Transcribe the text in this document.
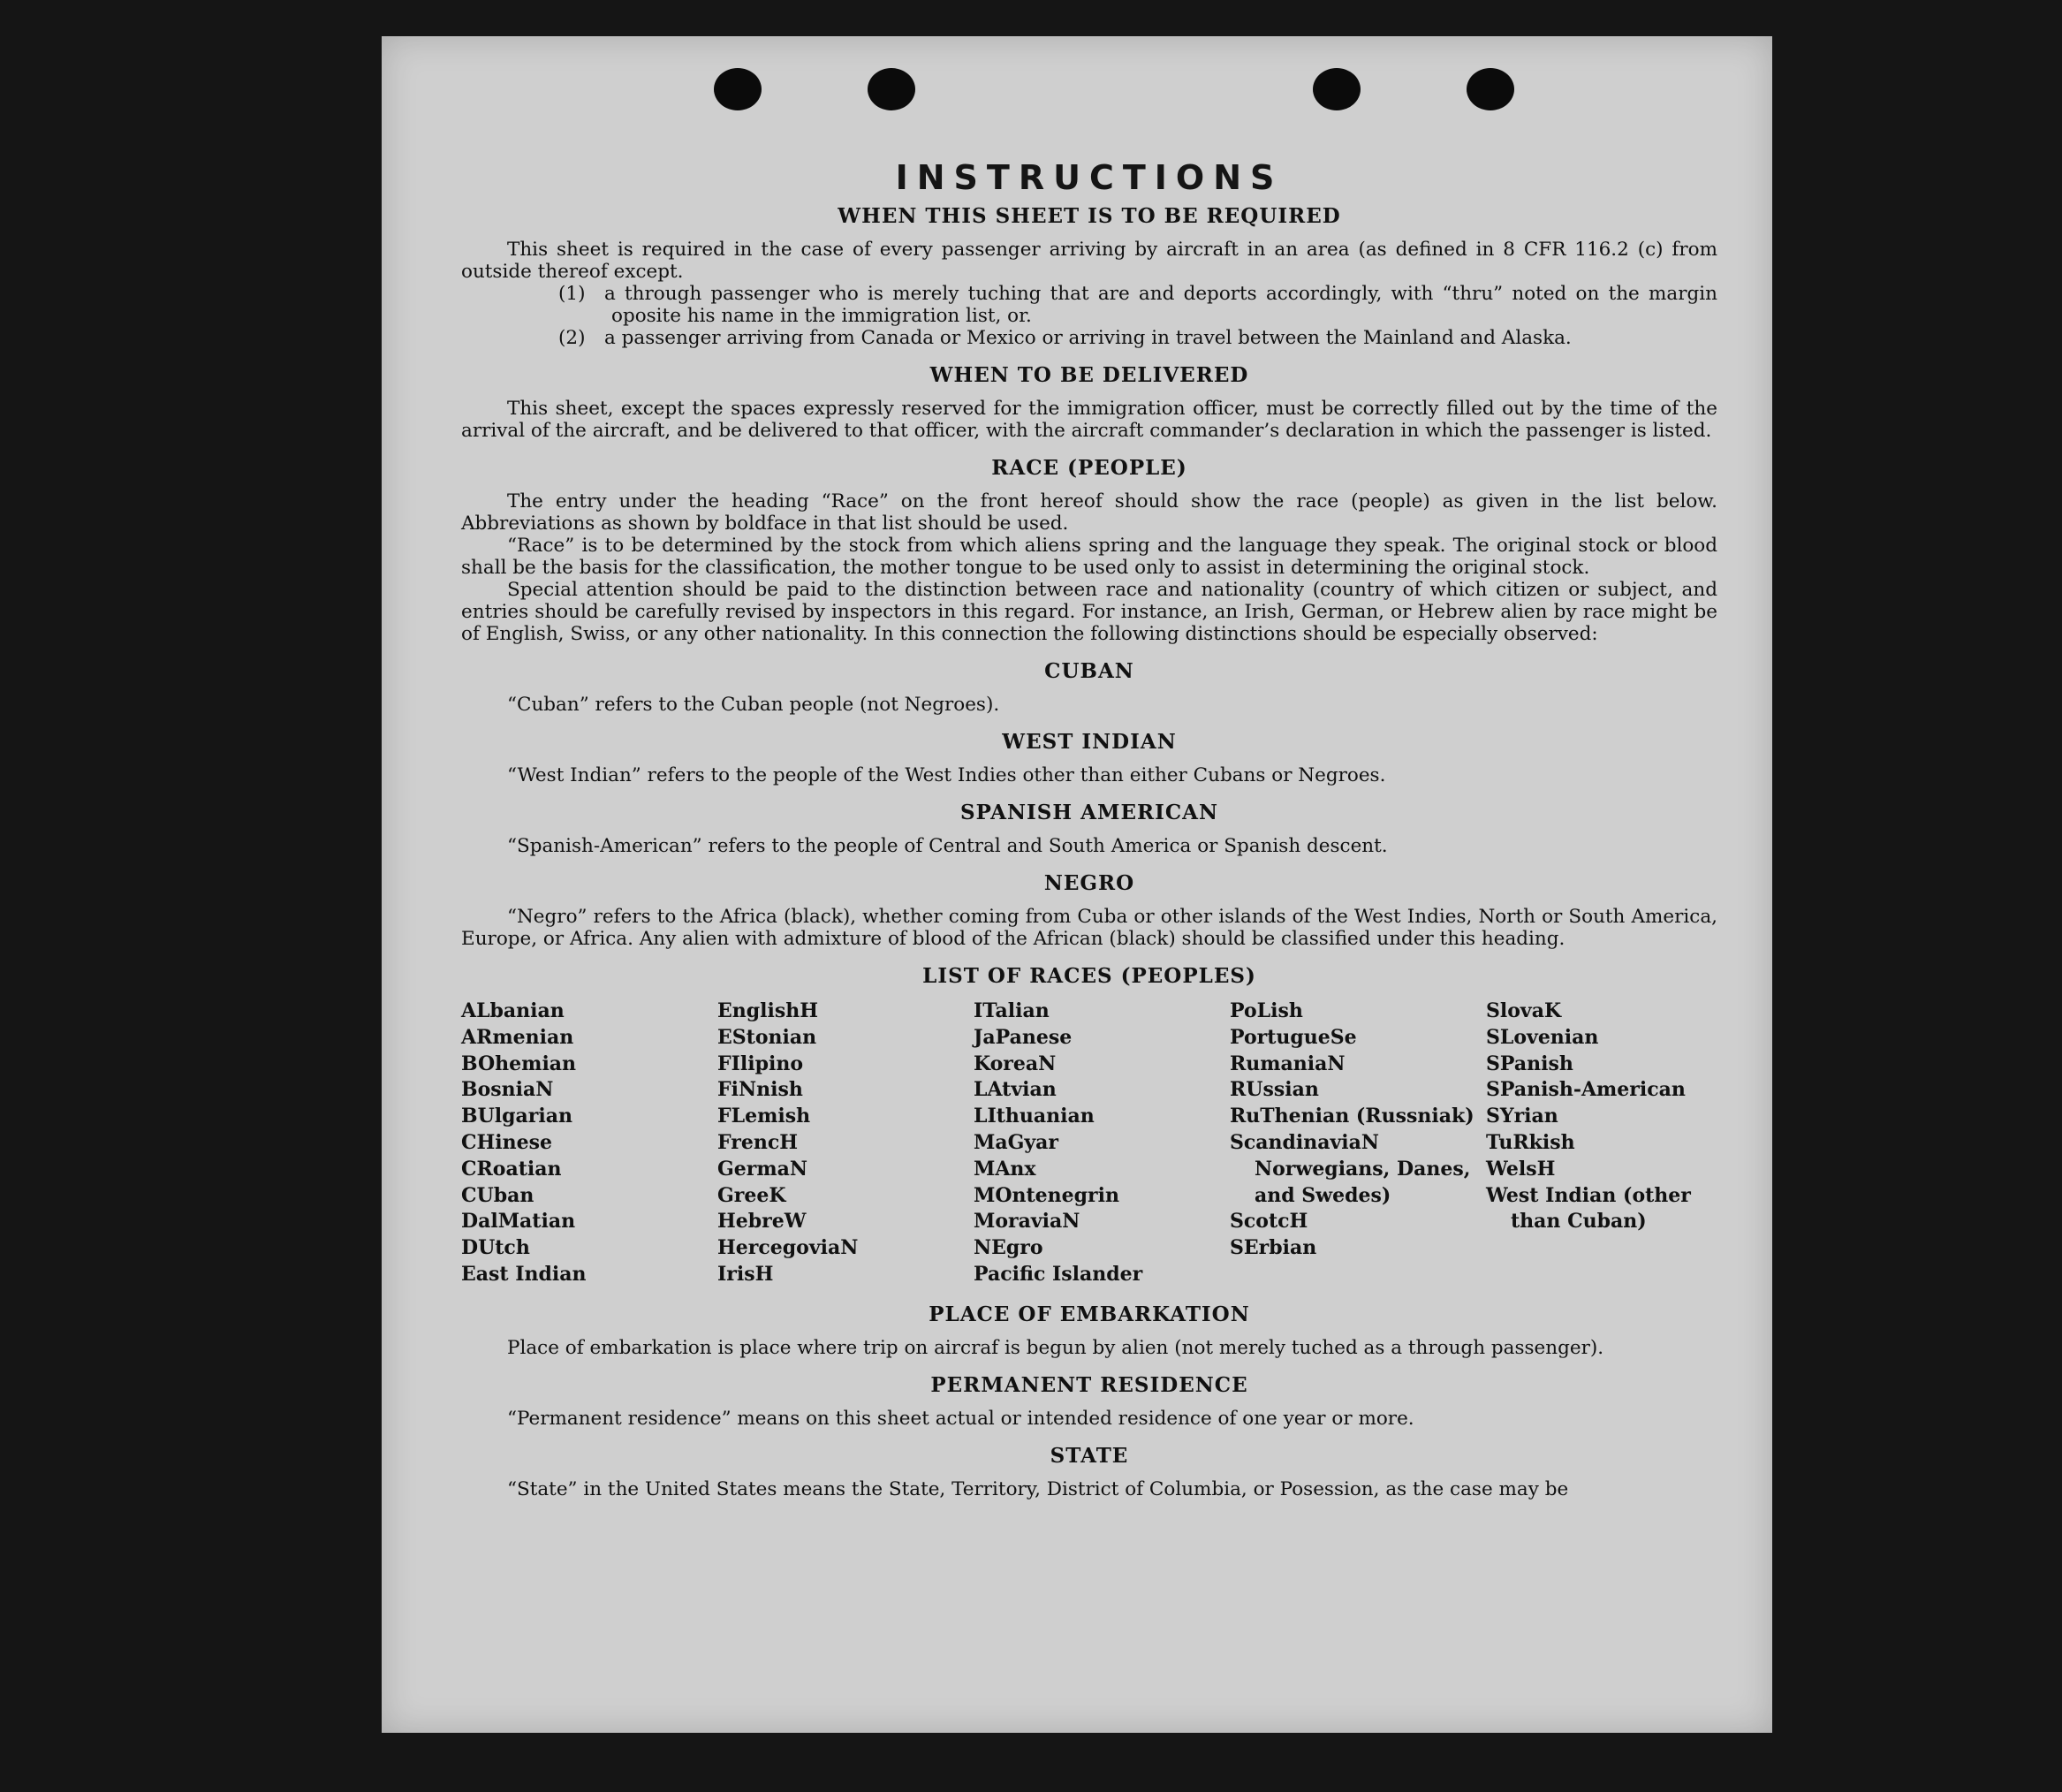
INSTRUCTIONS
WHEN THIS SHEET IS TO BE REQUIRED

This sheet is required in the case of every passenger arriving by aircraft in an area (as defined in 8 CFR 116.2 (c) from outside thereof except.

(1) a through passenger who is merely tuching that are and deports accordingly, with “thru” noted on the margin oposite his name in the immigration list, or.
(2) a passenger arriving from Canada or Mexico or arriving in travel between the Mainland and Alaska.
WHEN TO BE DELIVERED

This sheet, except the spaces expressly reserved for the immigration officer, must be correctly filled out by the time of the arrival of the aircraft, and be delivered to that officer, with the aircraft commander’s declaration in which the passenger is listed.

RACE (PEOPLE)

The entry under the heading “Race” on the front hereof should show the race (people) as given in the list below. Abbreviations as shown by boldface in that list should be used.

“Race” is to be determined by the stock from which aliens spring and the language they speak. The original stock or blood shall be the basis for the classification, the mother tongue to be used only to assist in determining the original stock.

Special attention should be paid to the distinction between race and nationality (country of which citizen or subject, and entries should be carefully revised by inspectors in this regard. For instance, an Irish, German, or Hebrew alien by race might be of English, Swiss, or any other nationality. In this connection the following distinctions should be especially observed:

CUBAN

“Cuban” refers to the Cuban people (not Negroes).

WEST INDIAN

“West Indian” refers to the people of the West Indies other than either Cubans or Negroes.

SPANISH AMERICAN

“Spanish-American” refers to the people of Central and South America or Spanish descent.

NEGRO

“Negro” refers to the Africa (black), whether coming from Cuba or other islands of the West Indies, North or South America, Europe, or Africa. Any alien with admixture of blood of the African (black) should be classified under this heading.

LIST OF RACES (PEOPLES)
ALbanian
ARmenian
BOhemian
BosniaN
BUlgarian
CHinese
CRoatian
CUban
DalMatian
DUtch
East Indian
EnglishH
EStonian
FIlipino
FiNnish
FLemish
FrencH
GermaN
GreeK
HebreW
HercegoviaN
IrisH
ITalian
JaPanese
KoreaN
LAtvian
LIthuanian
MaGyar
MAnx
MOntenegrin
MoraviaN
NEgro
Pacific Islander
PoLish
PortugueSe
RumaniaN
RUssian
RuThenian (Russniak)
ScandinaviaN Norwegians, Danes, and Swedes)
ScotcH
SErbian
SlovaK
SLovenian
SPanish
SPanish-American
SYrian
TuRkish
WelsH
West Indian (other than Cuban)
PLACE OF EMBARKATION

Place of embarkation is place where trip on aircraf is begun by alien (not merely tuched as a through passenger).

PERMANENT RESIDENCE

“Permanent residence” means on this sheet actual or intended residence of one year or more.

STATE

“State” in the United States means the State, Territory, District of Columbia, or Posession, as the case may be
